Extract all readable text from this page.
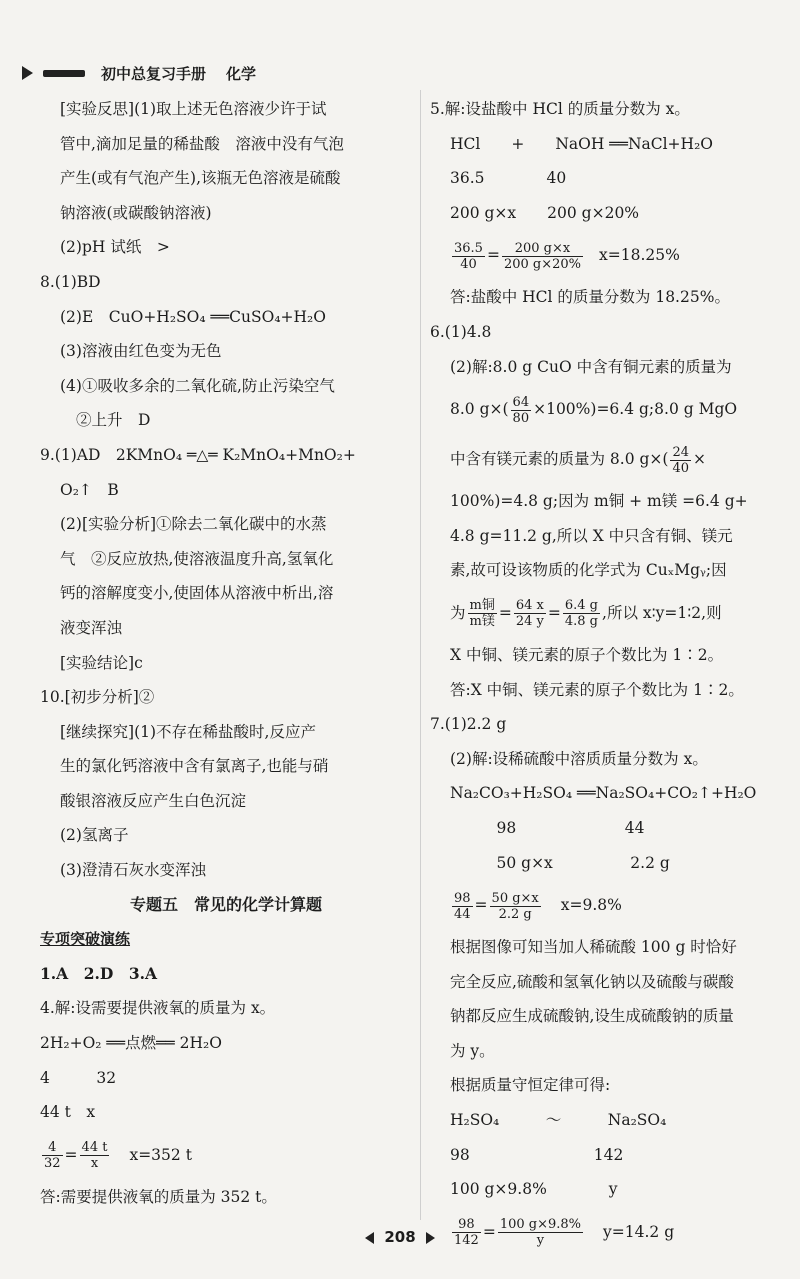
初中总复习手册 化学
[实验反思](1)取上述无色溶液少许于试
管中,滴加足量的稀盐酸　溶液中没有气泡
产生(或有气泡产生),该瓶无色溶液是硫酸
钠溶液(或碳酸钠溶液)
(2)pH 试纸　>
8.(1)BD
(2)E　CuO+H₂SO₄ ══CuSO₄+H₂O
(3)溶液由红色变为无色
(4)①吸收多余的二氧化硫,防止污染空气
②上升　D
9.(1)AD　2KMnO₄ ═△═ K₂MnO₄+MnO₂+
O₂↑　B
(2)[实验分析]①除去二氧化碳中的水蒸
气　②反应放热,使溶液温度升高,氢氧化
钙的溶解度变小,使固体从溶液中析出,溶
液变浑浊
[实验结论]c
10.[初步分析]②
[继续探究](1)不存在稀盐酸时,反应产
生的氯化钙溶液中含有氯离子,也能与硝
酸银溶液反应产生白色沉淀
(2)氢离子
(3)澄清石灰水变浑浊
专题五　常见的化学计算题
专项突破演练
1.A　2.D　3.A
4.解:设需要提供液氧的质量为 x。
2H₂+O₂ ══点燃══ 2H₂O
4　　　32
44 t　x
$\frac{4}{32} = \frac{44 t}{x} x=352$ t
答:需要提供液氧的质量为 352 t。
5.解:设盐酸中 HCl 的质量分数为 x。
HCl　　+　　NaOH ══NaCl+H₂O
36.5　　　　40
200 g×x　　200 g×20%
$\frac{36.5}{40} = \frac{200 g\times x}{200 g\times 20\%} x=18.25\%$
答:盐酸中 HCl 的质量分数为 18.25%。
6.(1)4.8
(2)解:8.0 g CuO 中含有铜元素的质量为
8.0 $g\times( \frac{64}{80} \times 100\%)=6.4$ g;8.0 g MgO
中含有镁元素的质量为 8.0 $g\times( \frac{24}{40}$ ×
100%)=4.8 g;因为 m铜 + m镁 =6.4 g+
4.8 g=11.2 g,所以 X 中只含有铜、镁元
素,故可设该物质的化学式为 CuₓMgᵧ;因
为 $\frac{\text{m铜}}{\text{m镁}} = \frac{64 x}{24 y} = \frac{6.4 g}{4.8 g}$ ,所以 x∶y=1∶2,则
X 中铜、镁元素的原子个数比为 1∶2。
答:X 中铜、镁元素的原子个数比为 1∶2。
7.(1)2.2 g
(2)解:设稀硫酸中溶质质量分数为 x。
Na₂CO₃+H₂SO₄ ══Na₂SO₄+CO₂↑+H₂O
　　　98　　　　　　　44
　　　50 g×x　　　　　2.2 g
$\frac{98}{44} = \frac{50 g\times x}{2.2 g} x=9.8\%$
根据图像可知当加人稀硫酸 100 g 时恰好
完全反应,硫酸和氢氧化钠以及硫酸与碳酸
钠都反应生成硫酸钠,设生成硫酸钠的质量
为 y。
根据质量守恒定律可得:
H₂SO₄　　　～　　　Na₂SO₄
98　　　　　　　　142
100 g×9.8%　　　　y
$\frac{98}{142} = \frac{100 g\times 9.8\%}{y} y=14.2$ g
208
